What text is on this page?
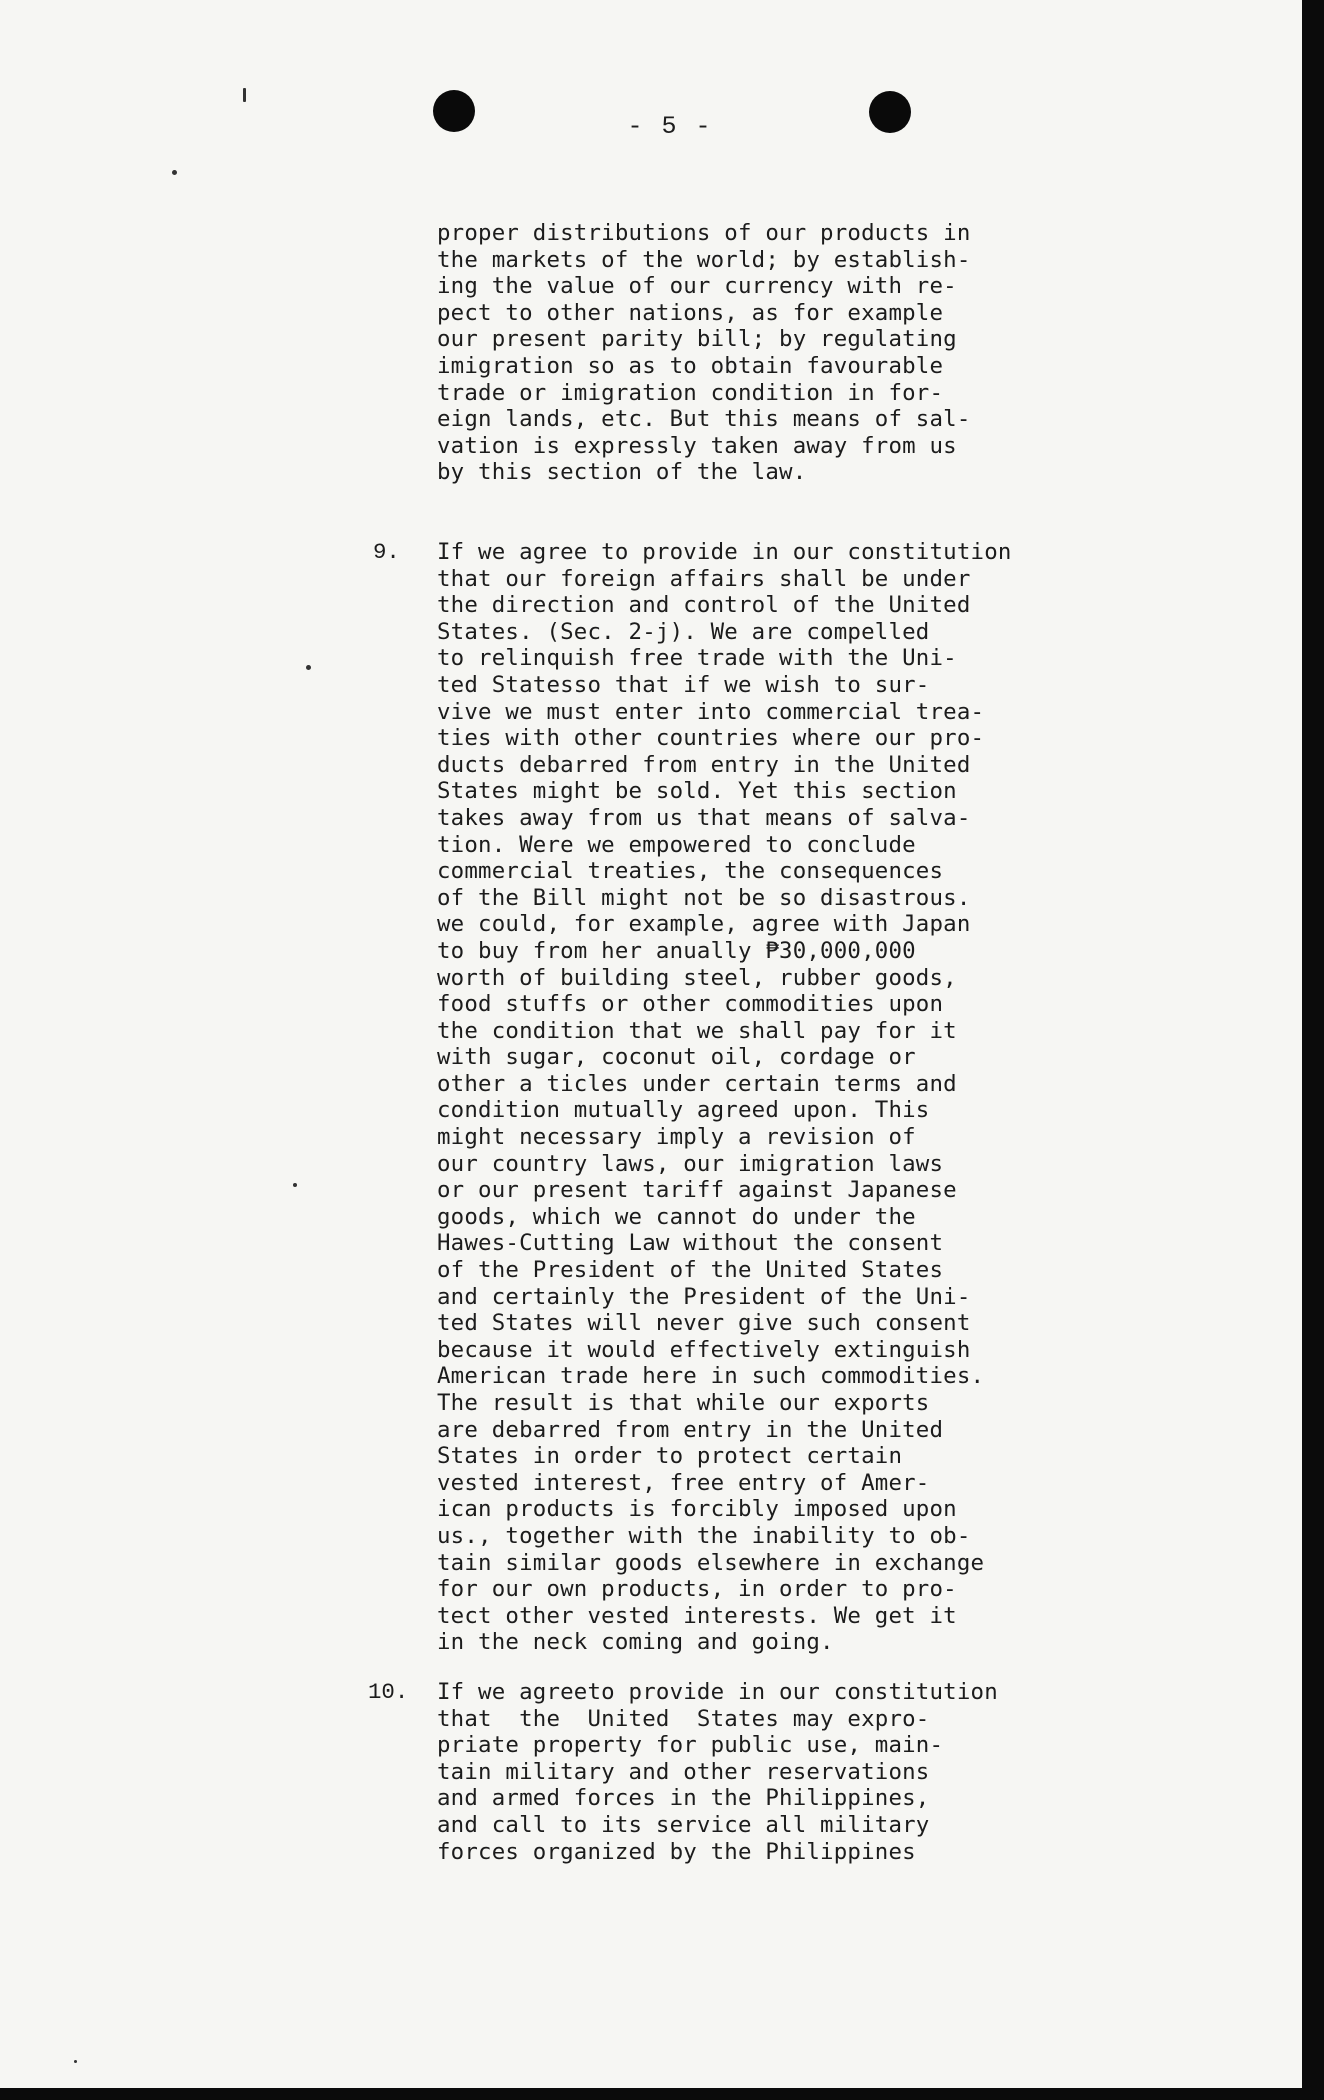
- 5 -
proper distributions of our products in
the markets of the world; by establish-
ing the value of our currency with re-
pect to other nations, as for example
our present parity bill; by regulating
imigration so as to obtain favourable
trade or imigration condition in for-
eign lands, etc. But this means of sal-
vation is expressly taken away from us
by this section of the law.
9. If we agree to provide in our constitution
that our foreign affairs shall be under
the direction and control of the United
States. (Sec. 2-j). We are compelled
to relinquish free trade with the Uni-
ted Statesso that if we wish to sur-
vive we must enter into commercial trea-
ties with other countries where our pro-
ducts debarred from entry in the United
States might be sold. Yet this section
takes away from us that means of salva-
tion. Were we empowered to conclude
commercial treaties, the consequences
of the Bill might not be so disastrous.
we could, for example, agree with Japan
to buy from her anually ₱30,000,000
worth of building steel, rubber goods,
food stuffs or other commodities upon
the condition that we shall pay for it
with sugar, coconut oil, cordage or
other a ticles under certain terms and
condition mutually agreed upon. This
might necessary imply a revision of
our country laws, our imigration laws
or our present tariff against Japanese
goods, which we cannot do under the
Hawes-Cutting Law without the consent
of the President of the United States
and certainly the President of the Uni-
ted States will never give such consent
because it would effectively extinguish
American trade here in such commodities.
The result is that while our exports
are debarred from entry in the United
States in order to protect certain
vested interest, free entry of Amer-
ican products is forcibly imposed upon
us., together with the inability to ob-
tain similar goods elsewhere in exchange
for our own products, in order to pro-
tect other vested interests. We get it
in the neck coming and going.
10. If we agreeto provide in our constitution
that  the  United  States may expro-
priate property for public use, main-
tain military and other reservations
and armed forces in the Philippines,
and call to its service all military
forces organized by the Philippines
